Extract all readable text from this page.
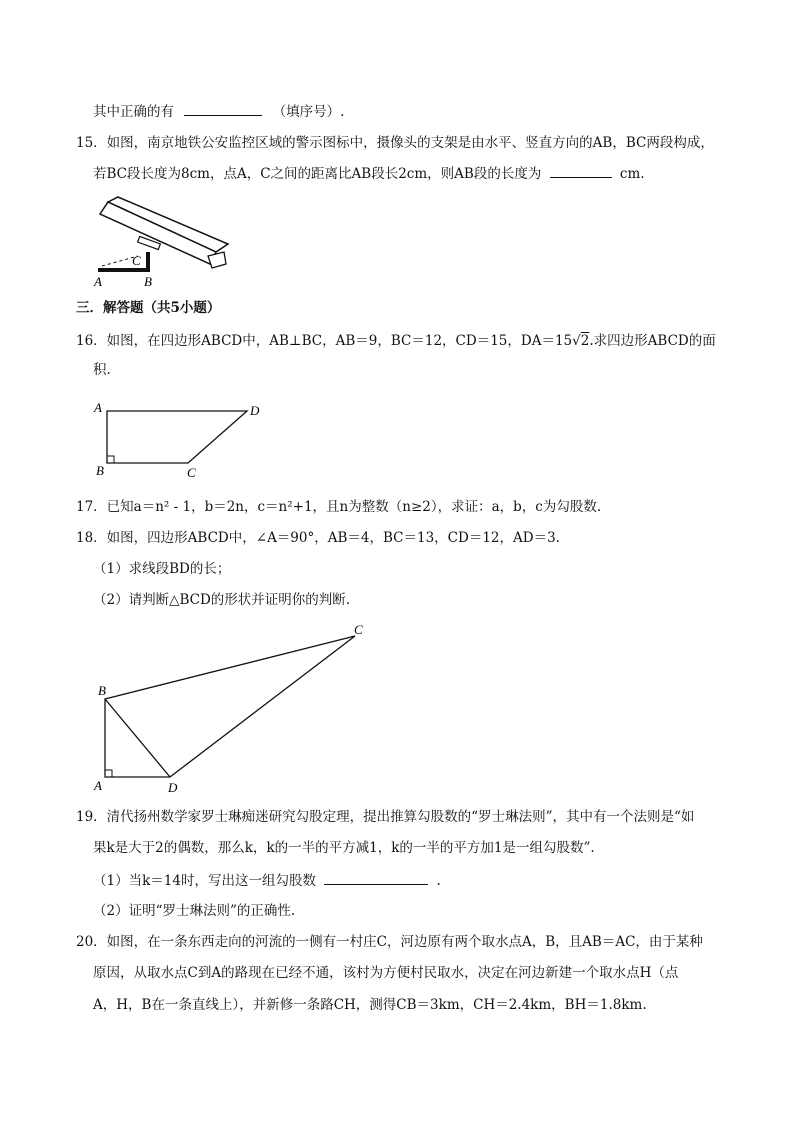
其中正确的有	（填序号）.
15．如图，南京地铁公安监控区域的警示图标中，摄像头的支架是由水平、竖直方向的AB，BC两段构成，
若BC段长度为8cm，点A，C之间的距离比AB段长2cm，则AB段的长度为	cm.
A	B
C
三．解答题（共5小题）
16．如图，在四边形ABCD中，AB⊥BC，AB＝9，BC＝12，CD＝15，DA＝15√2.求四边形ABCD的面
积.
A
B	C
D
17．已知a＝n² - 1，b＝2n，c＝n²+1，且n为整数（n≥2），求证：a，b，c为勾股数.
18．如图，四边形ABCD中，∠A＝90°，AB＝4，BC＝13，CD＝12，AD＝3.
（1）求线段BD的长；
（2）请判断△BCD的形状并证明你的判断.
B
A	D
C
19．清代扬州数学家罗士琳痴迷研究勾股定理，提出推算勾股数的“罗士琳法则”，其中有一个法则是“如
果k是大于2的偶数，那么k，k的一半的平方减1，k的一半的平方加1是一组勾股数”.
（1）当k＝14时，写出这一组勾股数	.
（2）证明“罗士琳法则”的正确性.
20．如图，在一条东西走向的河流的一侧有一村庄C，河边原有两个取水点A，B，且AB＝AC，由于某种
原因，从取水点C到A的路现在已经不通，该村为方便村民取水，决定在河边新建一个取水点H（点
A，H，B在一条直线上），并新修一条路CH，测得CB＝3km，CH＝2.4km，BH＝1.8km.
